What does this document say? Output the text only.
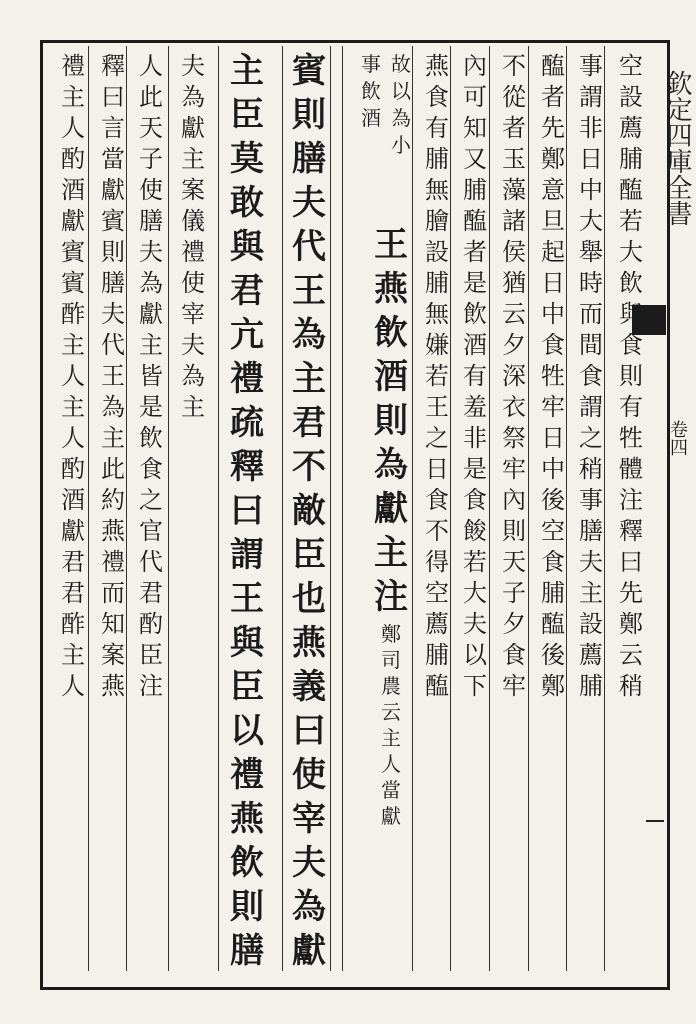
欽定四庫全書
卷四
空
設
薦
脯
醢
若
大
飲
與
食
則
有
牲
體
注
釋
曰
先
鄭
云
稍
事
謂
非
日
中
大
舉
時
而
間
食
謂
之
稍
事
膳
夫
主
設
薦
脯
醢
者
先
鄭
意
旦
起
日
中
食
牲
牢
日
中
後
空
食
脯
醢
後
鄭
不
從
者
玉
藻
諸
侯
猶
云
夕
深
衣
祭
牢
內
則
天
子
夕
食
牢
內
可
知
又
脯
醢
者
是
飲
酒
有
羞
非
是
食
餕
若
大
夫
以
下
燕
食
有
脯
無
膾
設
脯
無
嫌
若
王
之
日
食
不
得
空
薦
脯
醢
故
以
為
小
事
飲
酒
王
燕
飲
酒
則
為
獻
主
注
鄭
司
農
云
主
人
當
獻
賓
則
膳
夫
代
王
為
主
君
不
敵
臣
也
燕
義
曰
使
宰
夫
為
獻
主
臣
莫
敢
與
君
亢
禮
疏
釋
曰
謂
王
與
臣
以
禮
燕
飲
則
膳
夫
為
獻
主
案
儀
禮
使
宰
夫
為
主
人
此
天
子
使
膳
夫
為
獻
主
皆
是
飲
食
之
官
代
君
酌
臣
注
釋
曰
言
當
獻
賓
則
膳
夫
代
王
為
主
此
約
燕
禮
而
知
案
燕
禮
主
人
酌
酒
獻
賓
賓
酢
主
人
主
人
酌
酒
獻
君
君
酢
主
人
